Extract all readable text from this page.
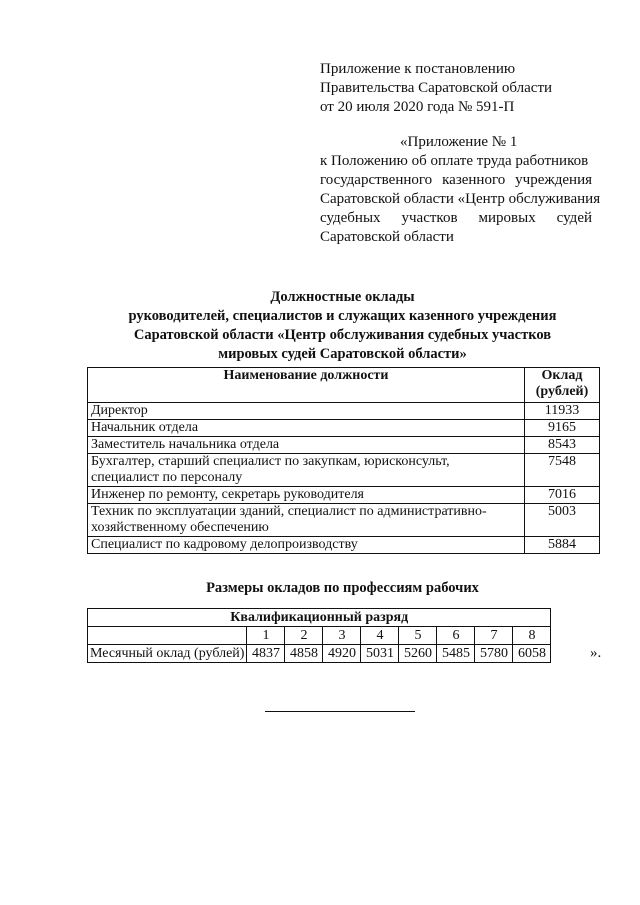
Приложение к постановлению
Правительства Саратовской области
от 20 июля 2020 года № 591-П
«Приложение № 1
к Положению об оплате труда работников
государственного казенного учреждения
Саратовской области «Центр обслуживания
судебных участков мировых судей
Саратовской области
Должностные оклады
руководителей, специалистов и служащих казенного учреждения
Саратовской области «Центр обслуживания судебных участков
мировых судей Саратовской области»
Наименование должности	Оклад
(рублей)

Директор	11933
Начальник отдела	9165
Заместитель начальника отдела	8543
Бухгалтер, старший специалист по закупкам, юрисконсульт, специалист по персоналу	7548
Инженер по ремонту, секретарь руководителя	7016
Техник по эксплуатации зданий, специалист по административно-хозяйственному обеспечению	5003
Специалист по кадровому делопроизводству	5884
Размеры окладов по профессиям рабочих
Квалификационный разряд								
	1	2	3	4	5	6	7	8
Месячный оклад (рублей)	4837	4858	4920	5031	5260	5485	5780	6058	».
